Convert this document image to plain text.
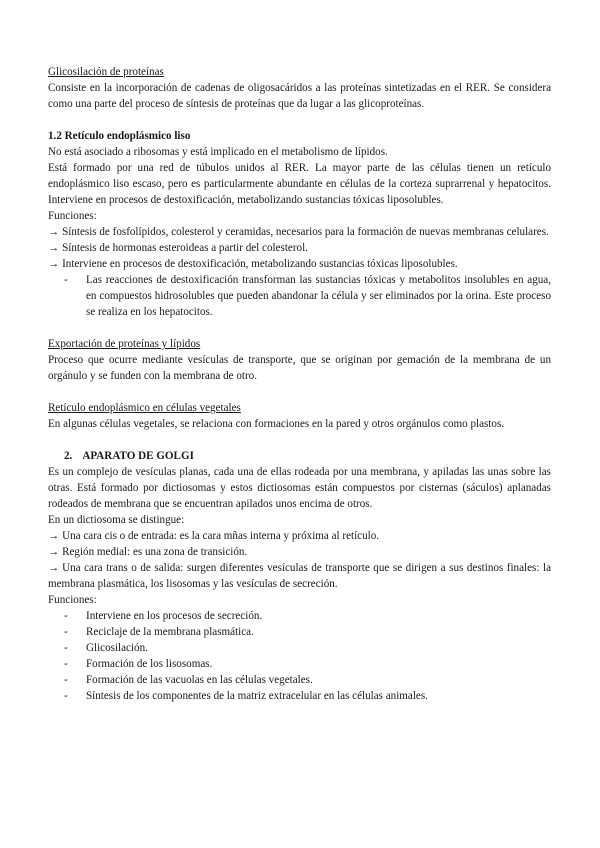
Glicosilación de proteínas

Consiste en la incorporación de cadenas de oligosacáridos a las proteínas sintetizadas en el RER. Se considera como una parte del proceso de síntesis de proteínas que da lugar a las glicoproteínas.

1.2 Retículo endoplásmico liso

No está asociado a ribosomas y está implicado en el metabolismo de lípidos.

Está formado por una red de túbulos unidos al RER. La mayor parte de las células tienen un retículo endoplásmico liso escaso, pero es particularmente abundante en células de la corteza suprarrenal y hepatocitos. Interviene en procesos de destoxificación, metabolizando sustancias tóxicas liposolubles.

Funciones:

→ Síntesis de fosfolípidos, colesterol y ceramidas, necesarios para la formación de nuevas membranas celulares.

→ Síntesis de hormonas esteroideas a partir del colesterol.

→ Interviene en procesos de destoxificación, metabolizando sustancias tóxicas liposolubles.

-	Las reacciones de destoxificación transforman las sustancias tóxicas y metabolitos insolubles en agua, en compuestos hidrosolubles que pueden abandonar la célula y ser eliminados por la orina. Este proceso se realiza en los hepatocitos.

Exportación de proteínas y lípidos

Proceso que ocurre mediante vesículas de transporte, que se originan por gemación de la membrana de un orgánulo y se funden con la membrana de otro.

Retículo endoplásmico en células vegetales

En algunas células vegetales, se relaciona con formaciones en la pared y otros orgánulos como plastos.

2. APARATO DE GOLGI

Es un complejo de vesículas planas, cada una de ellas rodeada por una membrana, y apiladas las unas sobre las otras. Está formado por dictiosomas y estos dictiosomas están compuestos por cisternas (sáculos) aplanadas rodeados de membrana que se encuentran apilados unos encima de otros.

En un dictiosoma se distingue:

→ Una cara cis o de entrada: es la cara mñas interna y próxima al retículo.

→ Región medial: es una zona de transición.

→ Una cara trans o de salida: surgen diferentes vesículas de transporte que se dirigen a sus destinos finales: la membrana plasmática, los lisosomas y las vesículas de secreción.

Funciones:

-	Interviene en los procesos de secreción.
-	Reciclaje de la membrana plasmática.
-	Glicosilación.
-	Formación de los lisosomas.
-	Formación de las vacuolas en las células vegetales.
-	Síntesis de los componentes de la matriz extracelular en las células animales.
